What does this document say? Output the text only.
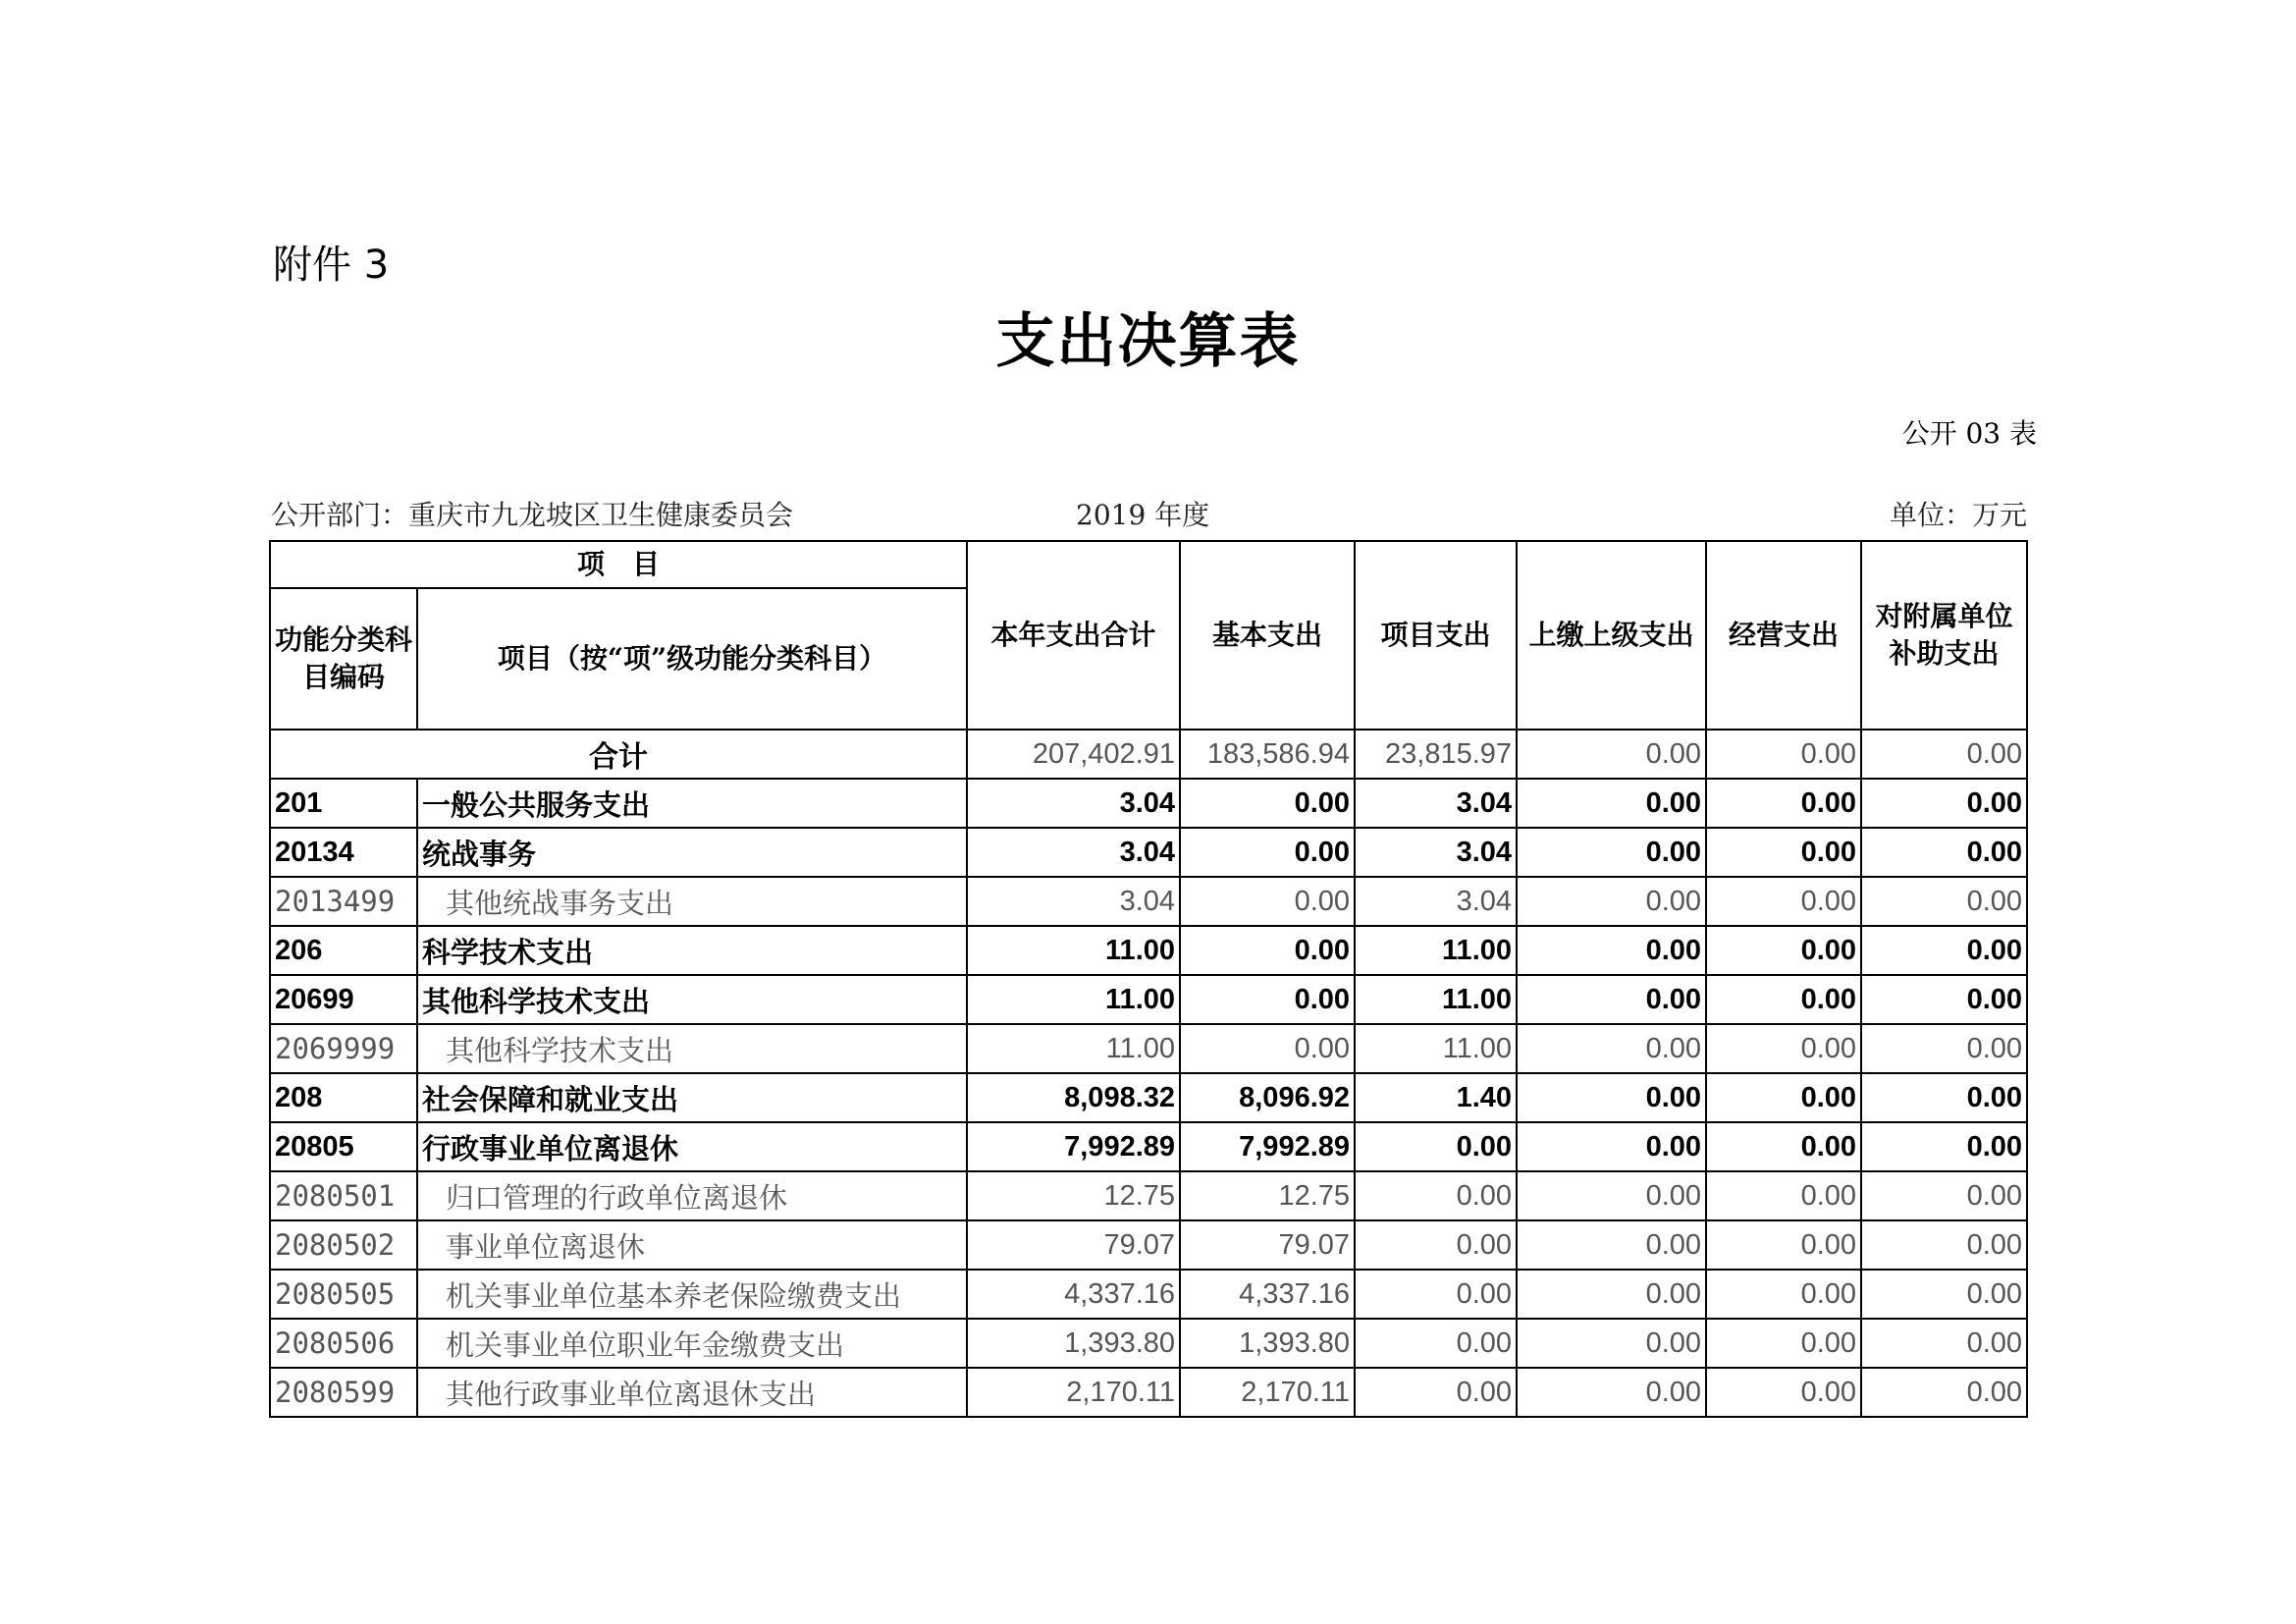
附件 3
支出决算表
公开 03 表
公开部门：重庆市九龙坡区卫生健康委员会	2019 年度	单位：万元
项　目		本年支出合计	基本支出	项目支出	上缴上级支出	经营支出	对附属单位补助支出
功能分类科目编码	项目（按“项”级功能分类科目）						
合计		207,402.91	183,586.94	23,815.97	0.00	0.00	0.00
201	一般公共服务支出	3.04	0.00	3.04	0.00	0.00	0.00
20134	统战事务	3.04	0.00	3.04	0.00	0.00	0.00
2013499	其他统战事务支出	3.04	0.00	3.04	0.00	0.00	0.00
206	科学技术支出	11.00	0.00	11.00	0.00	0.00	0.00
20699	其他科学技术支出	11.00	0.00	11.00	0.00	0.00	0.00
2069999	其他科学技术支出	11.00	0.00	11.00	0.00	0.00	0.00
208	社会保障和就业支出	8,098.32	8,096.92	1.40	0.00	0.00	0.00
20805	行政事业单位离退休	7,992.89	7,992.89	0.00	0.00	0.00	0.00
2080501	归口管理的行政单位离退休	12.75	12.75	0.00	0.00	0.00	0.00
2080502	事业单位离退休	79.07	79.07	0.00	0.00	0.00	0.00
2080505	机关事业单位基本养老保险缴费支出	4,337.16	4,337.16	0.00	0.00	0.00	0.00
2080506	机关事业单位职业年金缴费支出	1,393.80	1,393.80	0.00	0.00	0.00	0.00
2080599	其他行政事业单位离退休支出	2,170.11	2,170.11	0.00	0.00	0.00	0.00
